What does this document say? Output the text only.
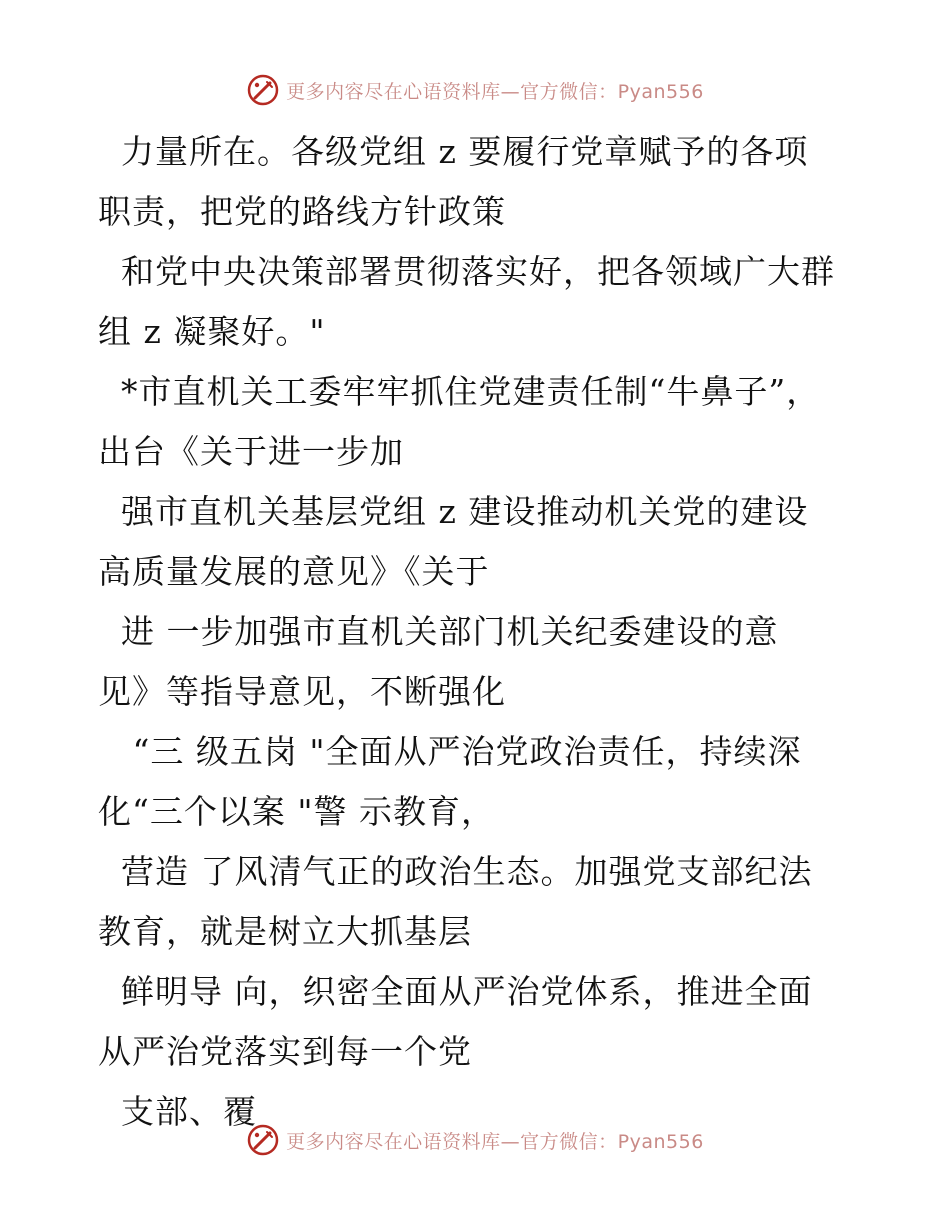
更多内容尽在心语资料库—官方微信：Pyan556
力量所在。各级党组 z 要履行党章赋予的各项
职责，把党的路线方针政策
和党中央决策部署贯彻落实好，把各领域广大群
组 z 凝聚好。"
*市直机关工委牢牢抓住党建责任制“牛鼻子”，
出台《关于进一步加
强市直机关基层党组 z 建设推动机关党的建设
高质量发展的意见》《关于
进 一步加强市直机关部门机关纪委建设的意
见》等指导意见，不断强化
“三 级五岗 "全面从严治党政治责任，持续深
化“三个以案 "警 示教育，
营造 了风清气正的政治生态。加强党支部纪法
教育，就是树立大抓基层
鲜明导 向，织密全面从严治党体系，推进全面
从严治党落实到每一个党
支部、覆
更多内容尽在心语资料库—官方微信：Pyan556
